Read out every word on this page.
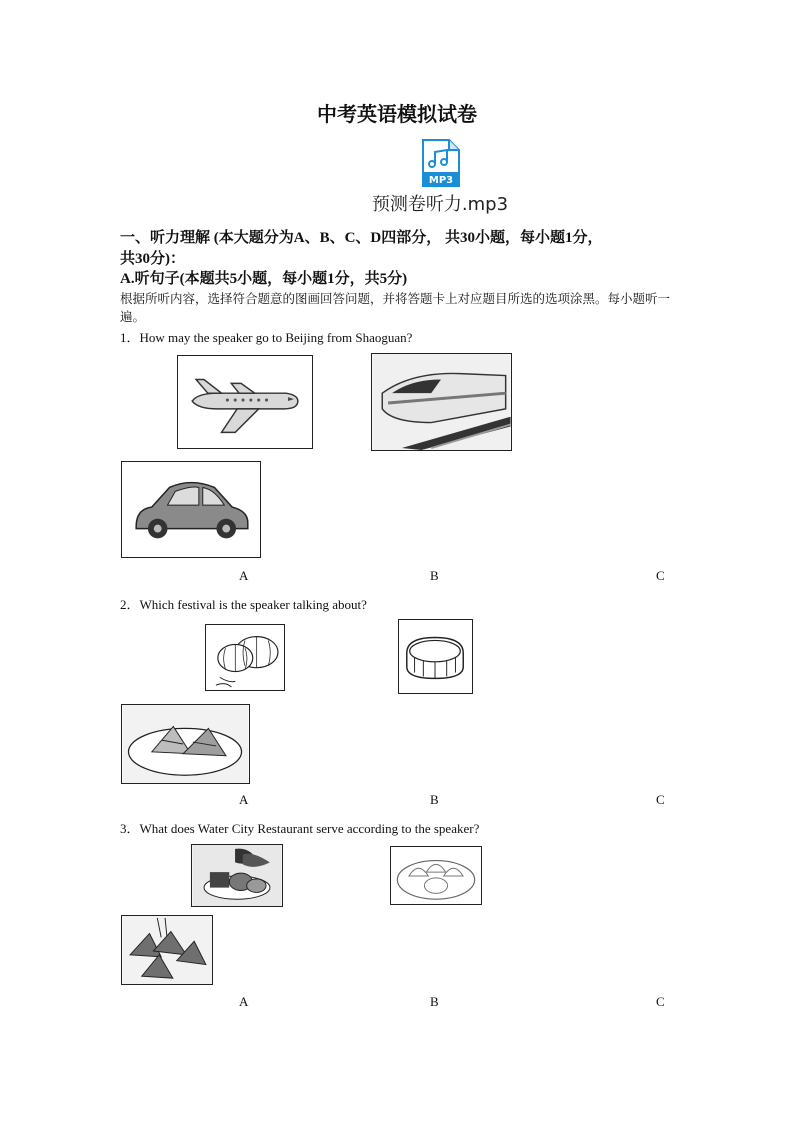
中考英语模拟试卷
MP3
预测卷听力.mp3
一、听力理解 (本大题分为A、B、C、D四部分， 共30小题，每小题1分，
共30分)：
A.听句子(本题共5小题，每小题1分，共5分)
根据所听内容，选择符合题意的图画回答问题，并将答题卡上对应题目所选的选项涂黑。每小题听一遍。
1．How may the speaker go to Beijing from Shaoguan?
A	B	C
2．Which festival is the speaker talking about?
A	B	C
3．What does Water City Restaurant serve according to the speaker?
A	B	C
